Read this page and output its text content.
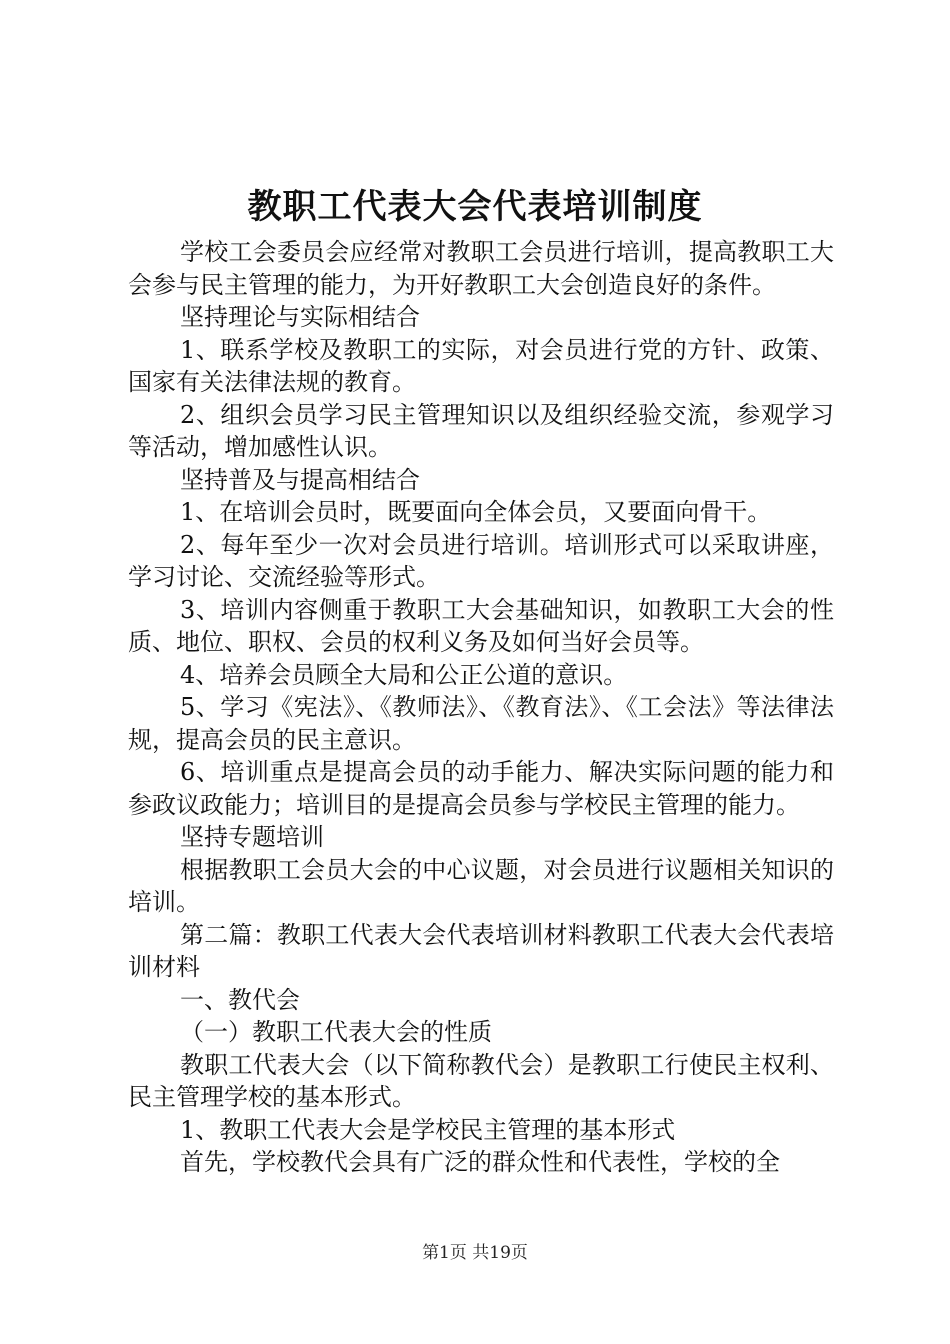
教职工代表大会代表培训制度

学校工会委员会应经常对教职工会员进行培训，提高教职工大会参与民主管理的能力，为开好教职工大会创造良好的条件。

坚持理论与实际相结合

1、联系学校及教职工的实际，对会员进行党的方针、政策、国家有关法律法规的教育。

2、组织会员学习民主管理知识以及组织经验交流，参观学习等活动，增加感性认识。

坚持普及与提高相结合

1、在培训会员时，既要面向全体会员，又要面向骨干。

2、每年至少一次对会员进行培训。培训形式可以采取讲座，学习讨论、交流经验等形式。

3、培训内容侧重于教职工大会基础知识，如教职工大会的性质、地位、职权、会员的权利义务及如何当好会员等。

4、培养会员顾全大局和公正公道的意识。

5、学习《宪法》、《教师法》、《教育法》、《工会法》等法律法规，提高会员的民主意识。

6、培训重点是提高会员的动手能力、解决实际问题的能力和参政议政能力；培训目的是提高会员参与学校民主管理的能力。

坚持专题培训

根据教职工会员大会的中心议题，对会员进行议题相关知识的培训。

第二篇：教职工代表大会代表培训材料教职工代表大会代表培训材料

一、教代会

（一）教职工代表大会的性质

教职工代表大会（以下简称教代会）是教职工行使民主权利、民主管理学校的基本形式。

1、教职工代表大会是学校民主管理的基本形式

首先，学校教代会具有广泛的群众性和代表性，学校的全

第1页 共19页
